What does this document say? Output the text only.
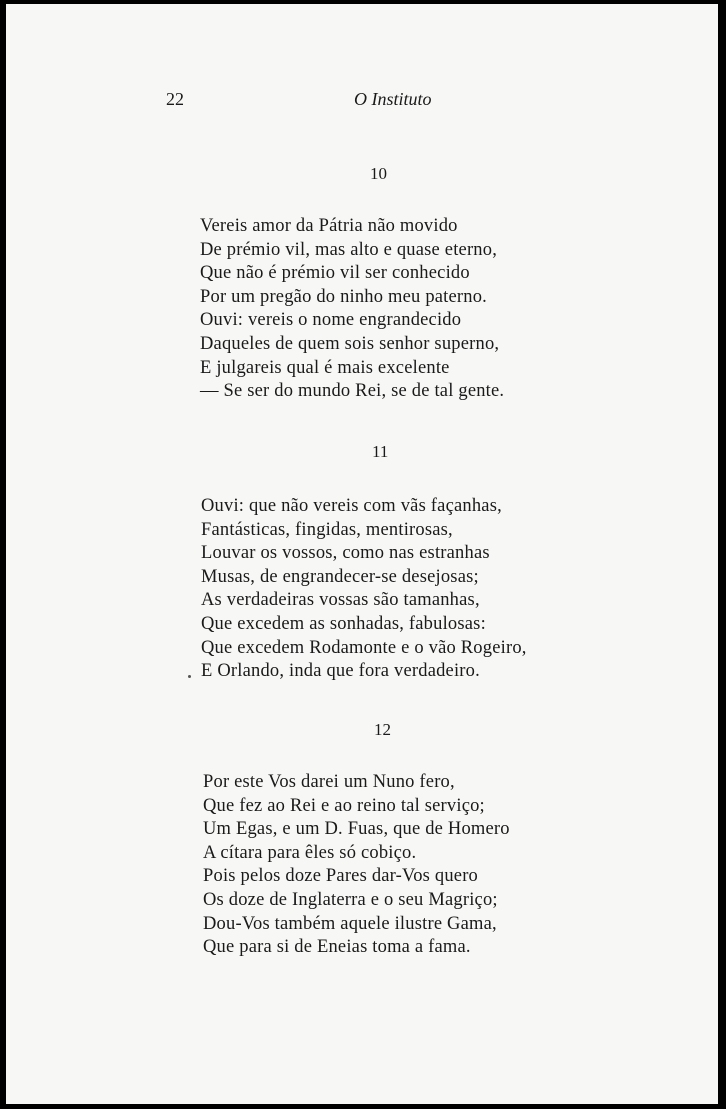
22	O Instituto
10
Vereis amor da Pátria não movido
De prémio vil, mas alto e quase eterno,
Que não é prémio vil ser conhecido
Por um pregão do ninho meu paterno.
Ouvi: vereis o nome engrandecido
Daqueles de quem sois senhor superno,
E julgareis qual é mais excelente
— Se ser do mundo Rei, se de tal gente.
11
Ouvi: que não vereis com vãs façanhas,
Fantásticas, fingidas, mentirosas,
Louvar os vossos, como nas estranhas
Musas, de engrandecer-se desejosas;
As verdadeiras vossas são tamanhas,
Que excedem as sonhadas, fabulosas:
Que excedem Rodamonte e o vão Rogeiro,
E Orlando, inda que fora verdadeiro.
12
Por este Vos darei um Nuno fero,
Que fez ao Rei e ao reino tal serviço;
Um Egas, e um D. Fuas, que de Homero
A cítara para êles só cobiço.
Pois pelos doze Pares dar-Vos quero
Os doze de Inglaterra e o seu Magriço;
Dou-Vos também aquele ilustre Gama,
Que para si de Eneias toma a fama.
